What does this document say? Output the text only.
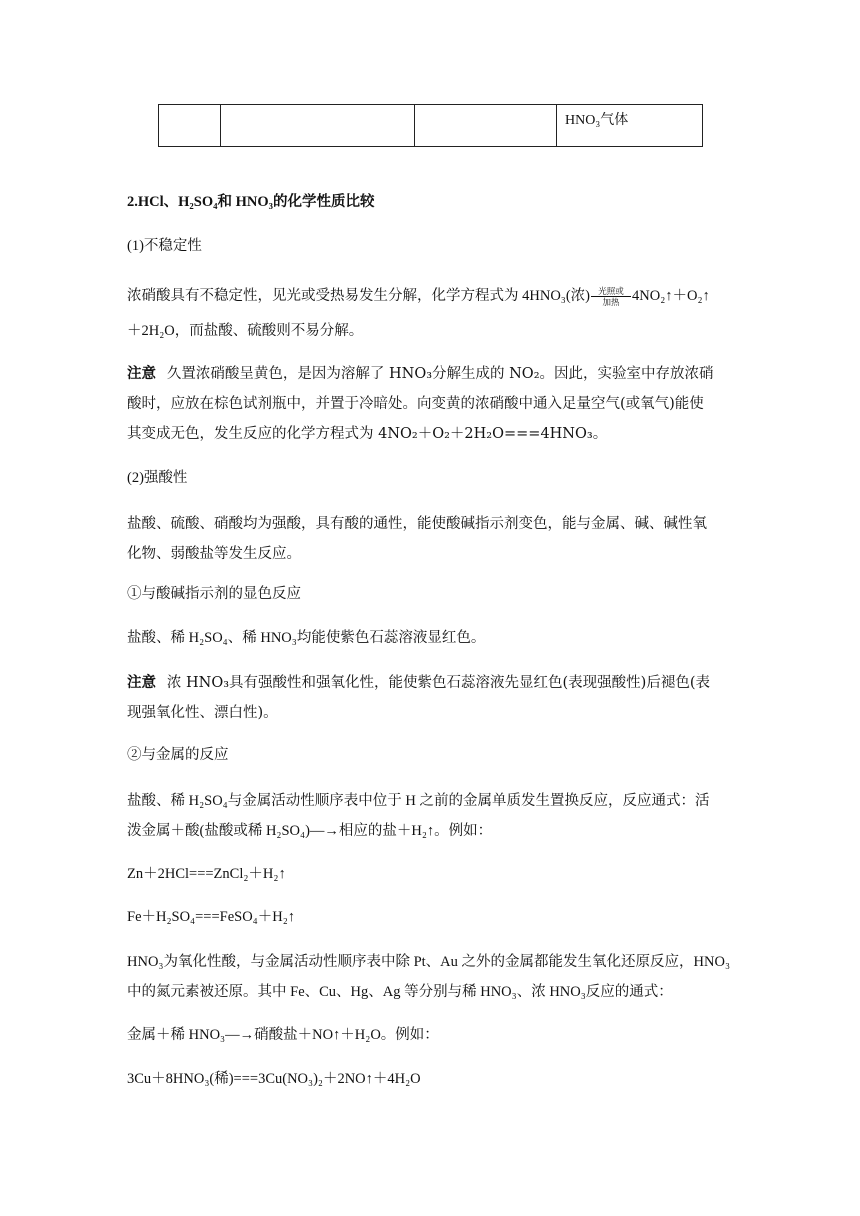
			HNO₃气体
2.HCl、H₂SO₄和 HNO₃的化学性质比较
(1)不稳定性
浓硝酸具有不稳定性，见光或受热易发生分解，化学方程式为 4HNO₃(浓) 光照或
加热 4NO₂↑＋O₂↑
＋2H₂O，而盐酸、硫酸则不易分解。
注意 久置浓硝酸呈黄色，是因为溶解了 HNO₃分解生成的 NO₂。因此，实验室中存放浓硝
酸时，应放在棕色试剂瓶中，并置于冷暗处。向变黄的浓硝酸中通入足量空气(或氧气)能使
其变成无色，发生反应的化学方程式为 4NO₂＋O₂＋2H₂O===4HNO₃。
(2)强酸性
盐酸、硫酸、硝酸均为强酸，具有酸的通性，能使酸碱指示剂变色，能与金属、碱、碱性氧
化物、弱酸盐等发生反应。
①与酸碱指示剂的显色反应
盐酸、稀 H₂SO₄、稀 HNO₃均能使紫色石蕊溶液显红色。
注意 浓 HNO₃具有强酸性和强氧化性，能使紫色石蕊溶液先显红色(表现强酸性)后褪色(表
现强氧化性、漂白性)。
②与金属的反应
盐酸、稀 H₂SO₄与金属活动性顺序表中位于 H 之前的金属单质发生置换反应，反应通式：活
泼金属＋酸(盐酸或稀 H₂SO₄)―→相应的盐＋H₂↑。例如：
Zn＋2HCl===ZnCl₂＋H₂↑
Fe＋H₂SO₄===FeSO₄＋H₂↑
HNO₃为氧化性酸，与金属活动性顺序表中除 Pt、Au 之外的金属都能发生氧化还原反应，HNO₃
中的氮元素被还原。其中 Fe、Cu、Hg、Ag 等分别与稀 HNO₃、浓 HNO₃反应的通式：
金属＋稀 HNO₃―→硝酸盐＋NO↑＋H₂O。例如：
3Cu＋8HNO₃(稀)===3Cu(NO₃)₂＋2NO↑＋4H₂O
